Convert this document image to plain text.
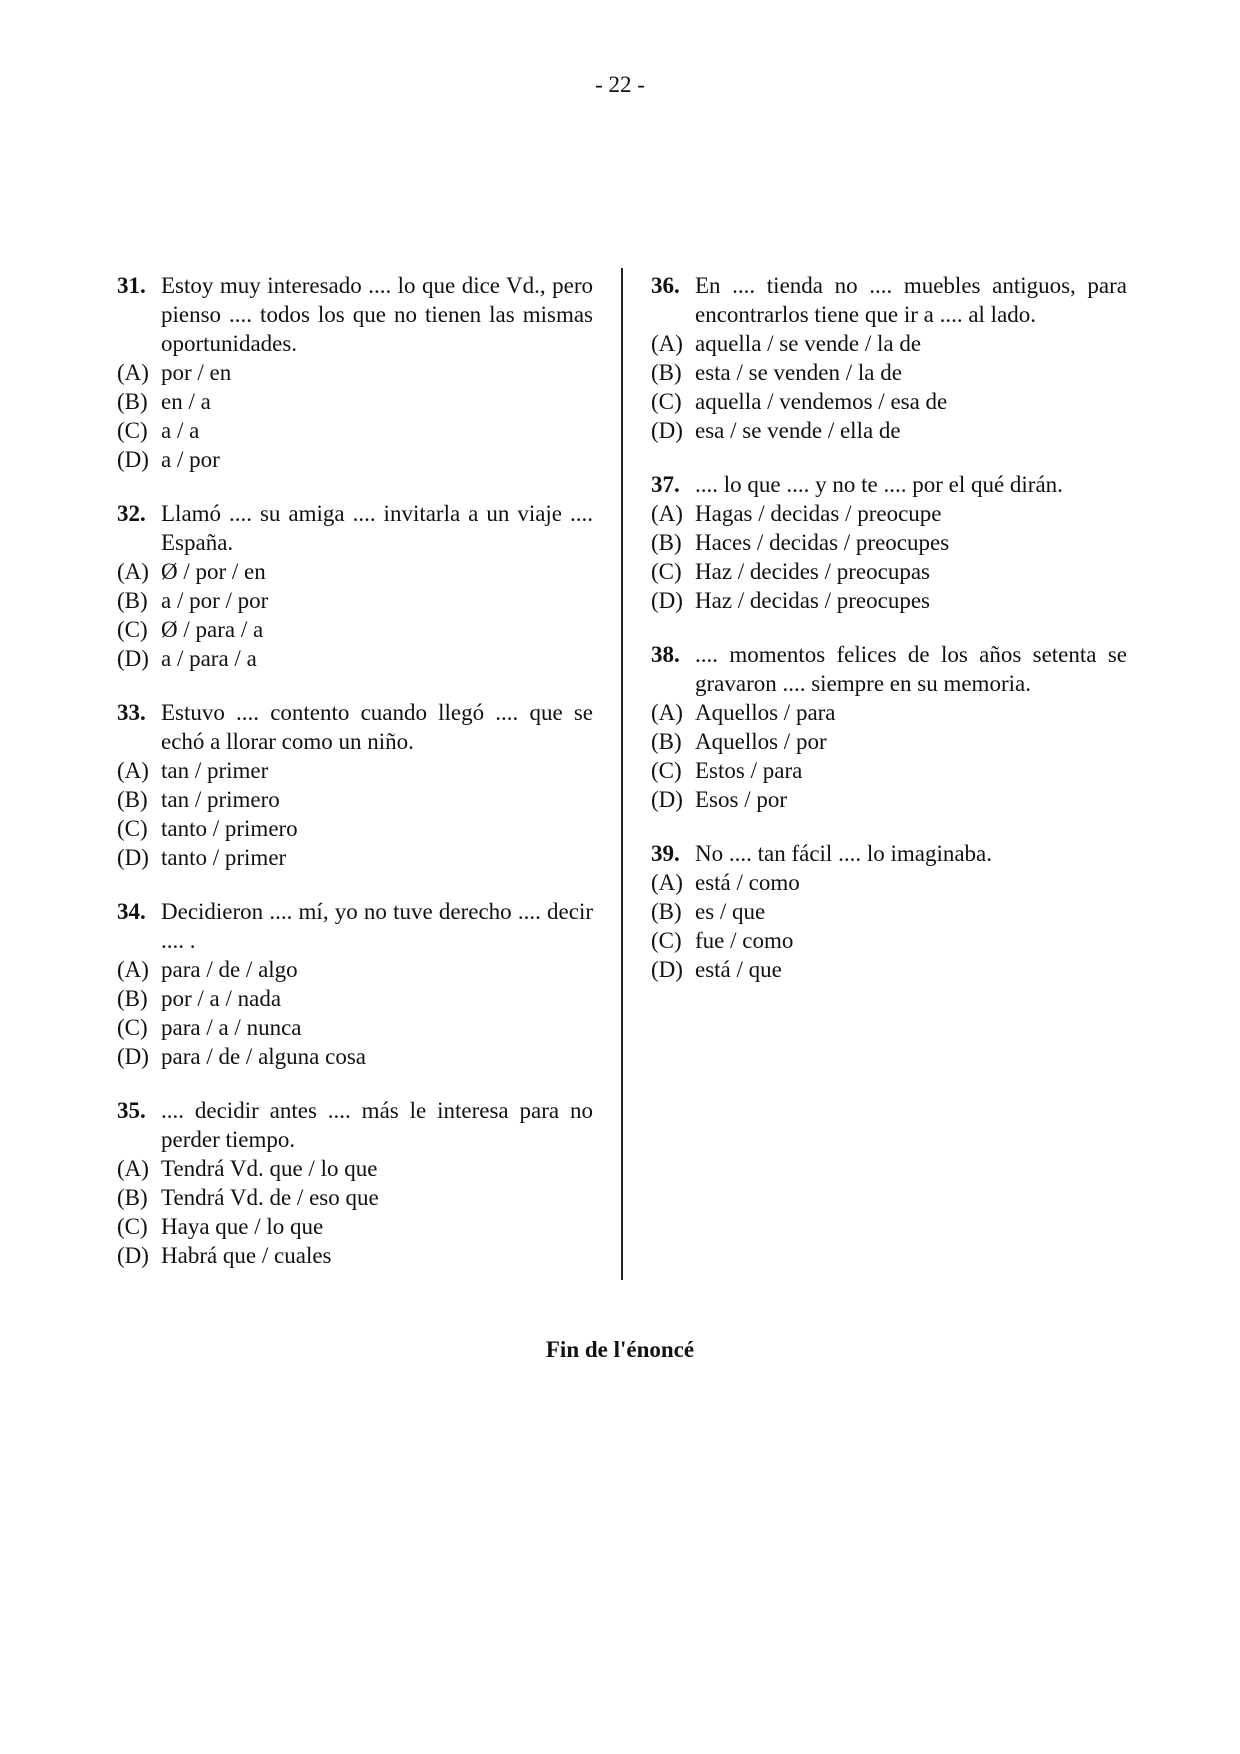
- 22 -
31. Estoy muy interesado .... lo que dice Vd., pero pienso .... todos los que no tienen las mismas oportunidades.
(A) por / en
(B) en / a
(C) a / a
(D) a / por
32. Llamó .... su amiga .... invitarla a un viaje .... España.
(A) Ø / por / en
(B) a / por / por
(C) Ø / para / a
(D) a / para / a
33. Estuvo .... contento cuando llegó .... que se echó a llorar como un niño.
(A) tan / primer
(B) tan / primero
(C) tanto / primero
(D) tanto / primer
34. Decidieron .... mí, yo no tuve derecho .... decir .... .
(A) para / de / algo
(B) por / a / nada
(C) para / a / nunca
(D) para / de / alguna cosa
35. .... decidir antes .... más le interesa para no perder tiempo.
(A) Tendrá Vd. que / lo que
(B) Tendrá Vd. de / eso que
(C) Haya que / lo que
(D) Habrá que / cuales
36. En .... tienda no .... muebles antiguos, para encontrarlos tiene que ir a .... al lado.
(A) aquella / se vende / la de
(B) esta / se venden / la de
(C) aquella / vendemos / esa de
(D) esa / se vende / ella de
37. .... lo que .... y no te .... por el qué dirán.
(A) Hagas / decidas / preocupe
(B) Haces / decidas / preocupes
(C) Haz / decides / preocupas
(D) Haz / decidas / preocupes
38. .... momentos felices de los años setenta se gravaron .... siempre en su memoria.
(A) Aquellos / para
(B) Aquellos / por
(C) Estos / para
(D) Esos / por
39. No .... tan fácil .... lo imaginaba.
(A) está / como
(B) es / que
(C) fue / como
(D) está / que
Fin de l'énoncé
